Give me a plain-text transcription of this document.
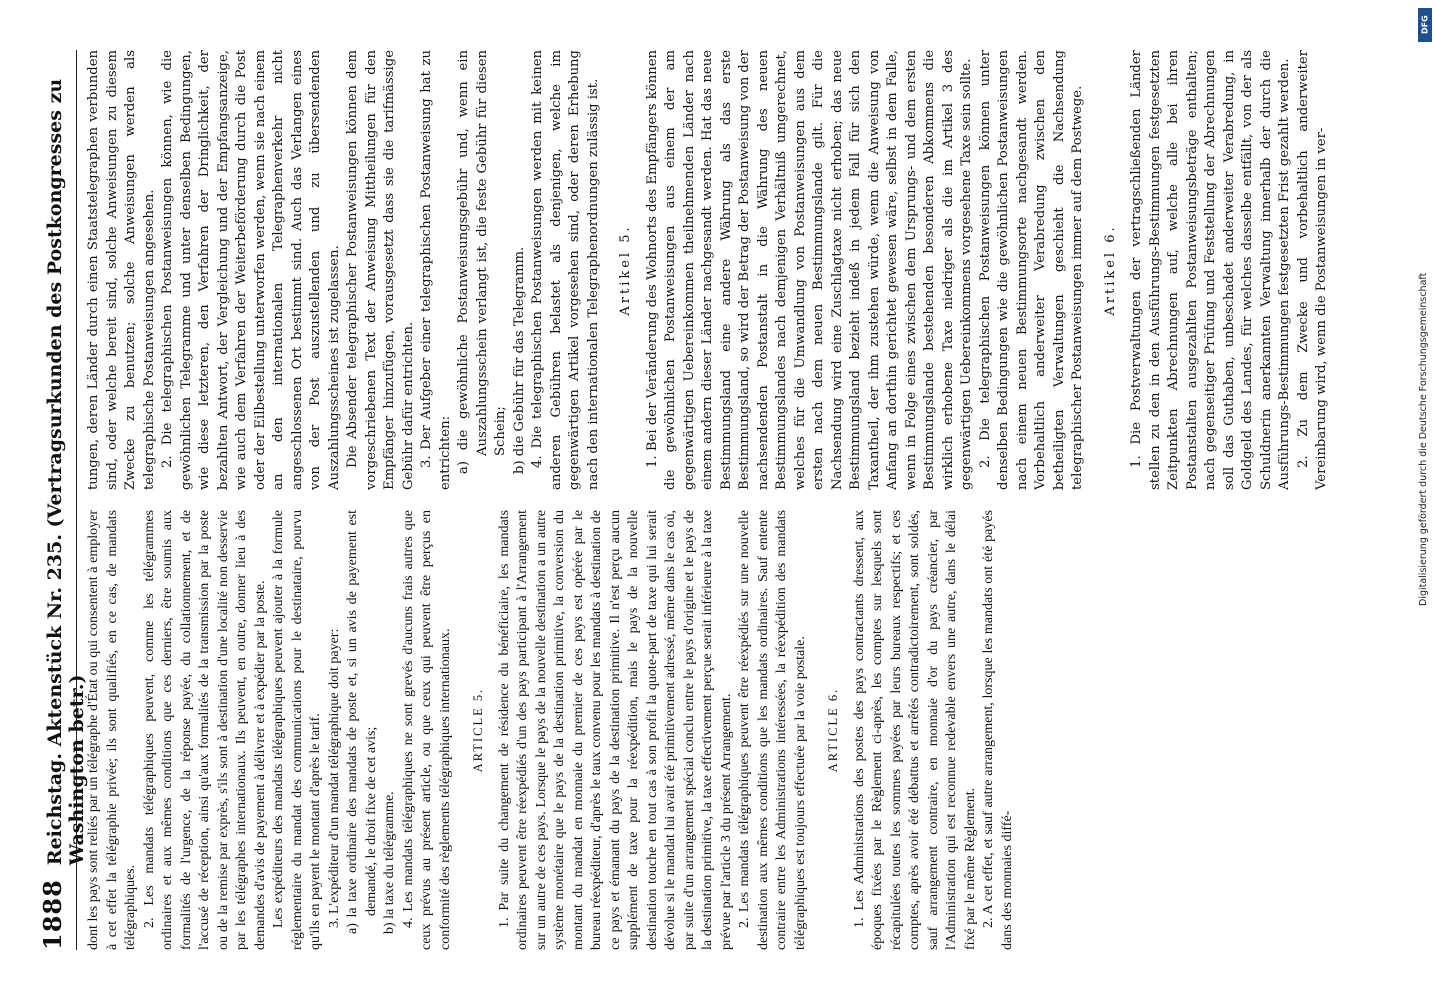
1888
Reichstag. Aktenstück Nr. 235. (Vertragsurkunden des Postkongresses zu Washington betr.)

dont les pays sont reliés par un télégraphe d'État ou qui consentent à employer à cet effet la télégraphie privée; ils sont qualifiés, en ce cas, de mandats télégraphiques. 2. Les mandats télégraphiques peuvent, comme les télégrammes ordinaires et aux mêmes conditions que ces derniers, être soumis aux formalités de l'urgence, de la réponse payée, du collationnement, et de l'accusé de réception, ainsi qu'aux formalités de la transmission par la poste ou de la remise par exprès, s'ils sont à destination d'une localité non desservie par les télégraphes internationaux. Ils peuvent, en outre, donner lieu à des demandes d'avis de payement à délivrer et à expédier par la poste. Les expéditeurs des mandats télégraphiques peuvent ajouter à la formule réglementaire du mandat des communications pour le destinataire, pourvu qu'ils en payent le montant d'après le tarif. 3. L'expéditeur d'un mandat télégraphique doit payer: a) la taxe ordinaire des mandats de poste et, si un avis de payement est demandé, le droit fixe de cet avis; b) la taxe du télégramme. 4. Les mandats télégraphiques ne sont grevés d'aucuns frais autres que ceux prévus au présent article, ou que ceux qui peuvent être perçus en conformité des règlements télégraphiques internationaux. ARTICLE 5. 1. Par suite du changement de résidence du bénéficiaire, les mandats ordinaires peuvent être réexpédiés d'un des pays participant à l'Arrangement sur un autre de ces pays. Lorsque le pays de la nouvelle destination a un autre système monétaire que le pays de la destination primitive, la conversion du montant du mandat en monnaie du premier de ces pays est opérée par le bureau réexpéditeur, d'après le taux convenu pour les mandats à destination de ce pays et émanant du pays de la destination primitive. Il n'est perçu aucun supplément de taxe pour la réexpédition, mais le pays de la nouvelle destination touche en tout cas à son profit la quote-part de taxe qui lui serait dévolue si le mandat lui avait été primitivement adressé, même dans le cas où, par suite d'un arrangement spécial conclu entre le pays d'origine et le pays de la destination primitive, la taxe effectivement perçue serait inférieure à la taxe prévue par l'article 3 du présent Arrangement. 2. Les mandats télégraphiques peuvent être réexpédiés sur une nouvelle destination aux mêmes conditions que les mandats ordinaires. Sauf entente contraire entre les Administrations intéressées, la réexpédition des mandats télégraphiques est toujours effectuée par la voie postale. ARTICLE 6. 1. Les Administrations des postes des pays contractants dressent, aux époques fixées par le Règlement ci-après, les comptes sur lesquels sont récapitulées toutes les sommes payées par leurs bureaux respectifs; et ces comptes, après avoir été débattus et arrêtés contradictoirement, sont soldés, sauf arrangement contraire, en monnaie d'or du pays créancier, par l'Administration qui est reconnue redevable envers une autre, dans le délai fixé par le même Règlement. 2. A cet effet, et sauf autre arrangement, lorsque les mandats ont été payés dans des monnaies diffé-

tungen, deren Länder durch einen Staatstelegraphen verbunden sind, oder welche bereit sind, solche Anweisungen zu diesem Zwecke zu benutzen; solche Anweisungen werden als telegraphische Postanweisungen angesehen. 2. Die telegraphischen Postanweisungen können, wie die gewöhnlichen Telegramme und unter denselben Bedingungen, wie diese letzteren, den Verfahren der Dringlichkeit, der bezahlten Antwort, der Vergleichung und der Empfangsanzeige, wie auch dem Verfahren der Weiterbeförderung durch die Post oder der Eilbestellung unterworfen werden, wenn sie nach einem an den internationalen Telegraphenverkehr nicht angeschlossenen Ort bestimmt sind. Auch das Verlangen eines von der Post auszustellenden und zu übersendenden Auszahlungsscheines ist zugelassen. Die Absender telegraphischer Postanweisungen können dem vorgeschriebenen Text der Anweisung Mittheilungen für den Empfänger hinzufügen, vorausgesetzt dass sie die tarifmässige Gebühr dafür entrichten. 3. Der Aufgeber einer telegraphischen Postanweisung hat zu entrichten: a) die gewöhnliche Postanweisungsgebühr und, wenn ein Auszahlungsschein verlangt ist, die feste Gebühr für diesen Schein; b) die Gebühr für das Telegramm. 4. Die telegraphischen Postanweisungen werden mit keinen anderen Gebühren belastet als denjenigen, welche im gegenwärtigen Artikel vorgesehen sind, oder deren Erhebung nach den internationalen Telegraphenordnungen zulässig ist. Artikel 5. 1. Bei der Veränderung des Wohnorts des Empfängers können die gewöhnlichen Postanweisungen aus einem der am gegenwärtigen Uebereinkommen theilnehmenden Länder nach einem andern dieser Länder nachgesandt werden. Hat das neue Bestimmungsland eine andere Währung als das erste Bestimmungsland, so wird der Betrag der Postanweisung von der nachsendenden Postanstalt in die Währung des neuen Bestimmungslandes nach demjenigen Verhältniß umgerechnet, welches für die Umwandlung von Postanweisungen aus dem ersten nach dem neuen Bestimmungslande gilt. Für die Nachsendung wird eine Zuschlagtaxe nicht erhoben; das neue Bestimmungsland bezieht indeß in jedem Fall für sich den Taxantheil, der ihm zustehen würde, wenn die Anweisung von Anfang an dorthin gerichtet gewesen wäre, selbst in dem Falle, wenn in Folge eines zwischen dem Ursprungs- und dem ersten Bestimmungslande bestehenden besonderen Abkommens die wirklich erhobene Taxe niedriger als die im Artikel 3 des gegenwärtigen Uebereinkommens vorgesehene Taxe sein sollte. 2. Die telegraphischen Postanweisungen können unter denselben Bedingungen wie die gewöhnlichen Postanweisungen nach einem neuen Bestimmungsorte nachgesandt werden. Vorbehaltlich anderweiter Verabredung zwischen den betheiligten Verwaltungen geschieht die Nachsendung telegraphischer Postanweisungen immer auf dem Postwege. Artikel 6. 1. Die Postverwaltungen der vertragschließenden Länder stellen zu den in den Ausführungs-Bestimmungen festgesetzten Zeitpunkten Abrechnungen auf, welche alle bei ihren Postanstalten ausgezahlten Postanweisungsbeträge enthalten; nach gegenseitiger Prüfung und Feststellung der Abrechnungen soll das Guthaben, unbeschadet anderweiter Verabredung, in Goldgeld des Landes, für welches dasselbe entfällt, von der als Schuldnerin anerkannten Verwaltung innerhalb der durch die Ausführungs-Bestimmungen festgesetzten Frist gezahlt werden. 2. Zu dem Zwecke und vorbehaltlich anderweiter Vereinbarung wird, wenn die Postanweisungen in ver-

DFG
Digitalisierung gefördert durch die Deutsche Forschungsgemeinschaft
